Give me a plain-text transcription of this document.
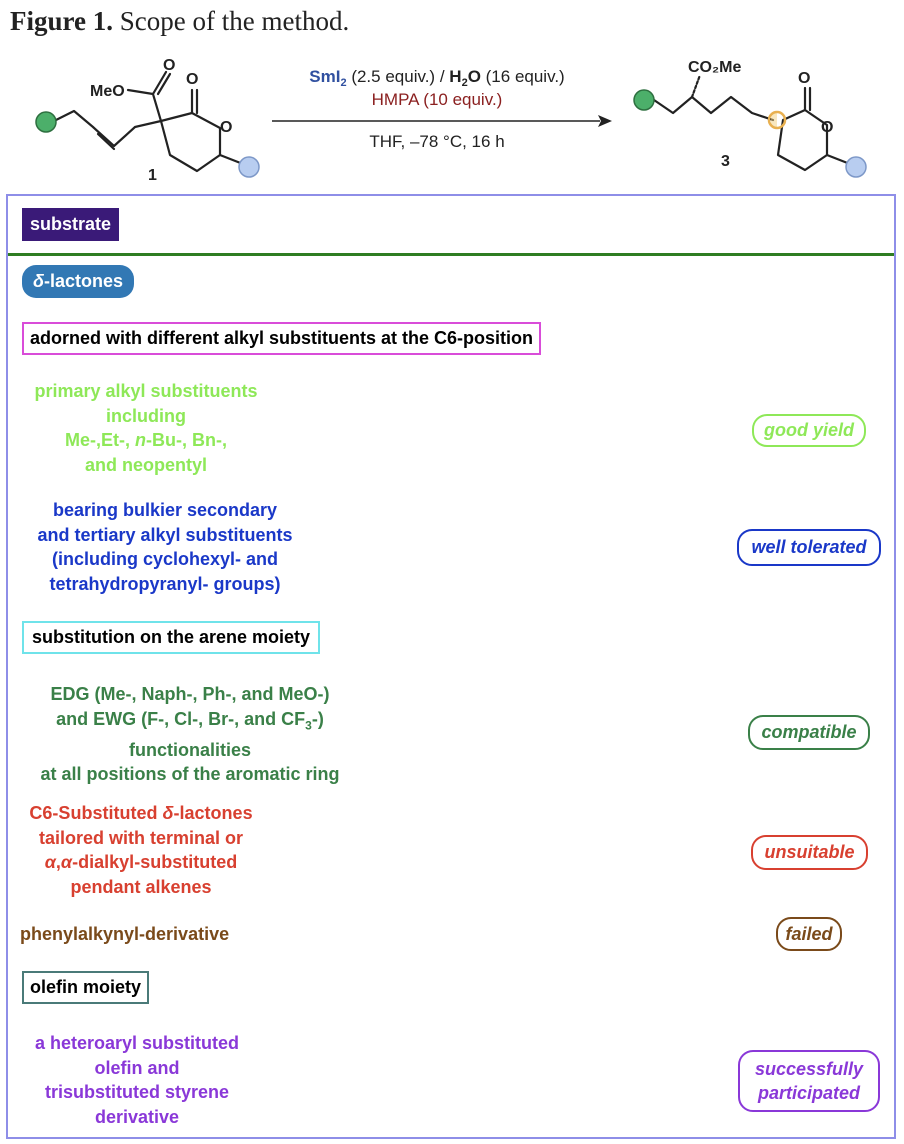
Figure 1. Scope of the method.
MeO
O
O
O
1
CO₂Me
O
O
3
SmI$_2$ (2.5 equiv.) / $H_2O$ (16 equiv.)
HMPA (10 equiv.)
THF, –78 °C, 16 h
substrate
δ-lactones
adorned with different alkyl substituents at the C6-position
primary alkyl substituents
including
Me-,Et-, n-Bu-, Bn-,
and neopentyl
good yield
bearing bulkier secondary
and tertiary alkyl substituents
(including cyclohexyl- and
tetrahydropyranyl- groups)
well tolerated
substitution on the arene moiety
EDG (Me-, Naph-, Ph-, and MeO-)
and EWG (F-, Cl-, Br-, and $CF_3-$)
functionalities
at all positions of the aromatic ring
compatible
C6-Substituted δ-lactones
tailored with terminal or
α,α-dialkyl-substituted
pendant alkenes
unsuitable
phenylalkynyl-derivative	failed
olefin moiety
a heteroaryl substituted
olefin and
trisubstituted styrene
derivative
successfully
participated
